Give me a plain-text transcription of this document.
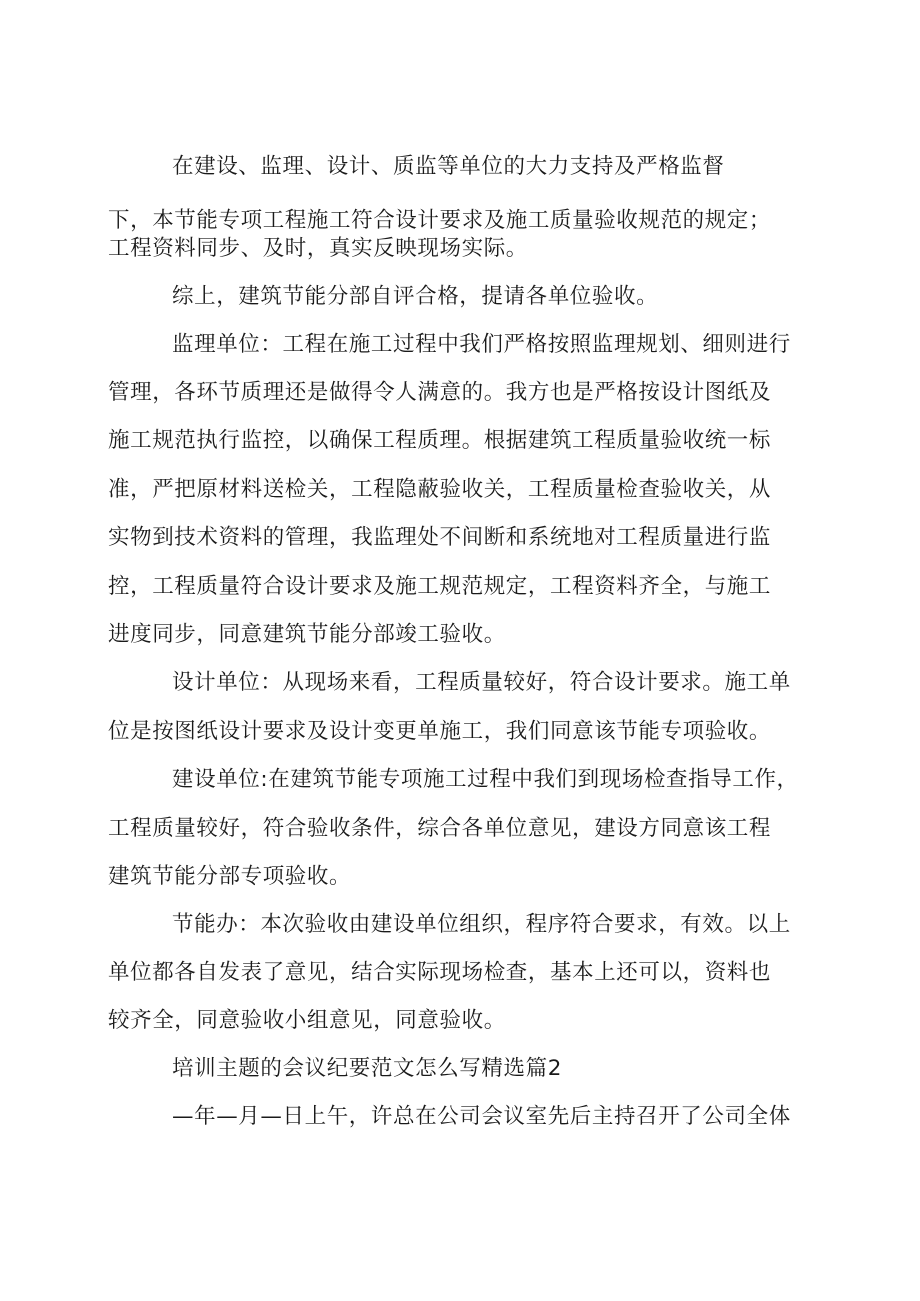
在建设、监理、设计、质监等单位的大力支持及严格监督
下，本节能专项工程施工符合设计要求及施工质量验收规范的规定；
工程资料同步、及时，真实反映现场实际。
综上，建筑节能分部自评合格，提请各单位验收。
监理单位：工程在施工过程中我们严格按照监理规划、细则进行
管理，各环节质理还是做得令人满意的。我方也是严格按设计图纸及
施工规范执行监控，以确保工程质理。根据建筑工程质量验收统一标
准，严把原材料送检关，工程隐蔽验收关，工程质量检查验收关，从
实物到技术资料的管理，我监理处不间断和系统地对工程质量进行监
控，工程质量符合设计要求及施工规范规定，工程资料齐全，与施工
进度同步，同意建筑节能分部竣工验收。
设计单位：从现场来看，工程质量较好，符合设计要求。施工单
位是按图纸设计要求及设计变更单施工，我们同意该节能专项验收。
建设单位:在建筑节能专项施工过程中我们到现场检查指导工作，
工程质量较好，符合验收条件，综合各单位意见，建设方同意该工程
建筑节能分部专项验收。
节能办：本次验收由建设单位组织，程序符合要求，有效。以上
单位都各自发表了意见，结合实际现场检查，基本上还可以，资料也
较齐全，同意验收小组意见，同意验收。
培训主题的会议纪要范文怎么写精选篇2
—年—月—日上午，许总在公司会议室先后主持召开了公司全体
